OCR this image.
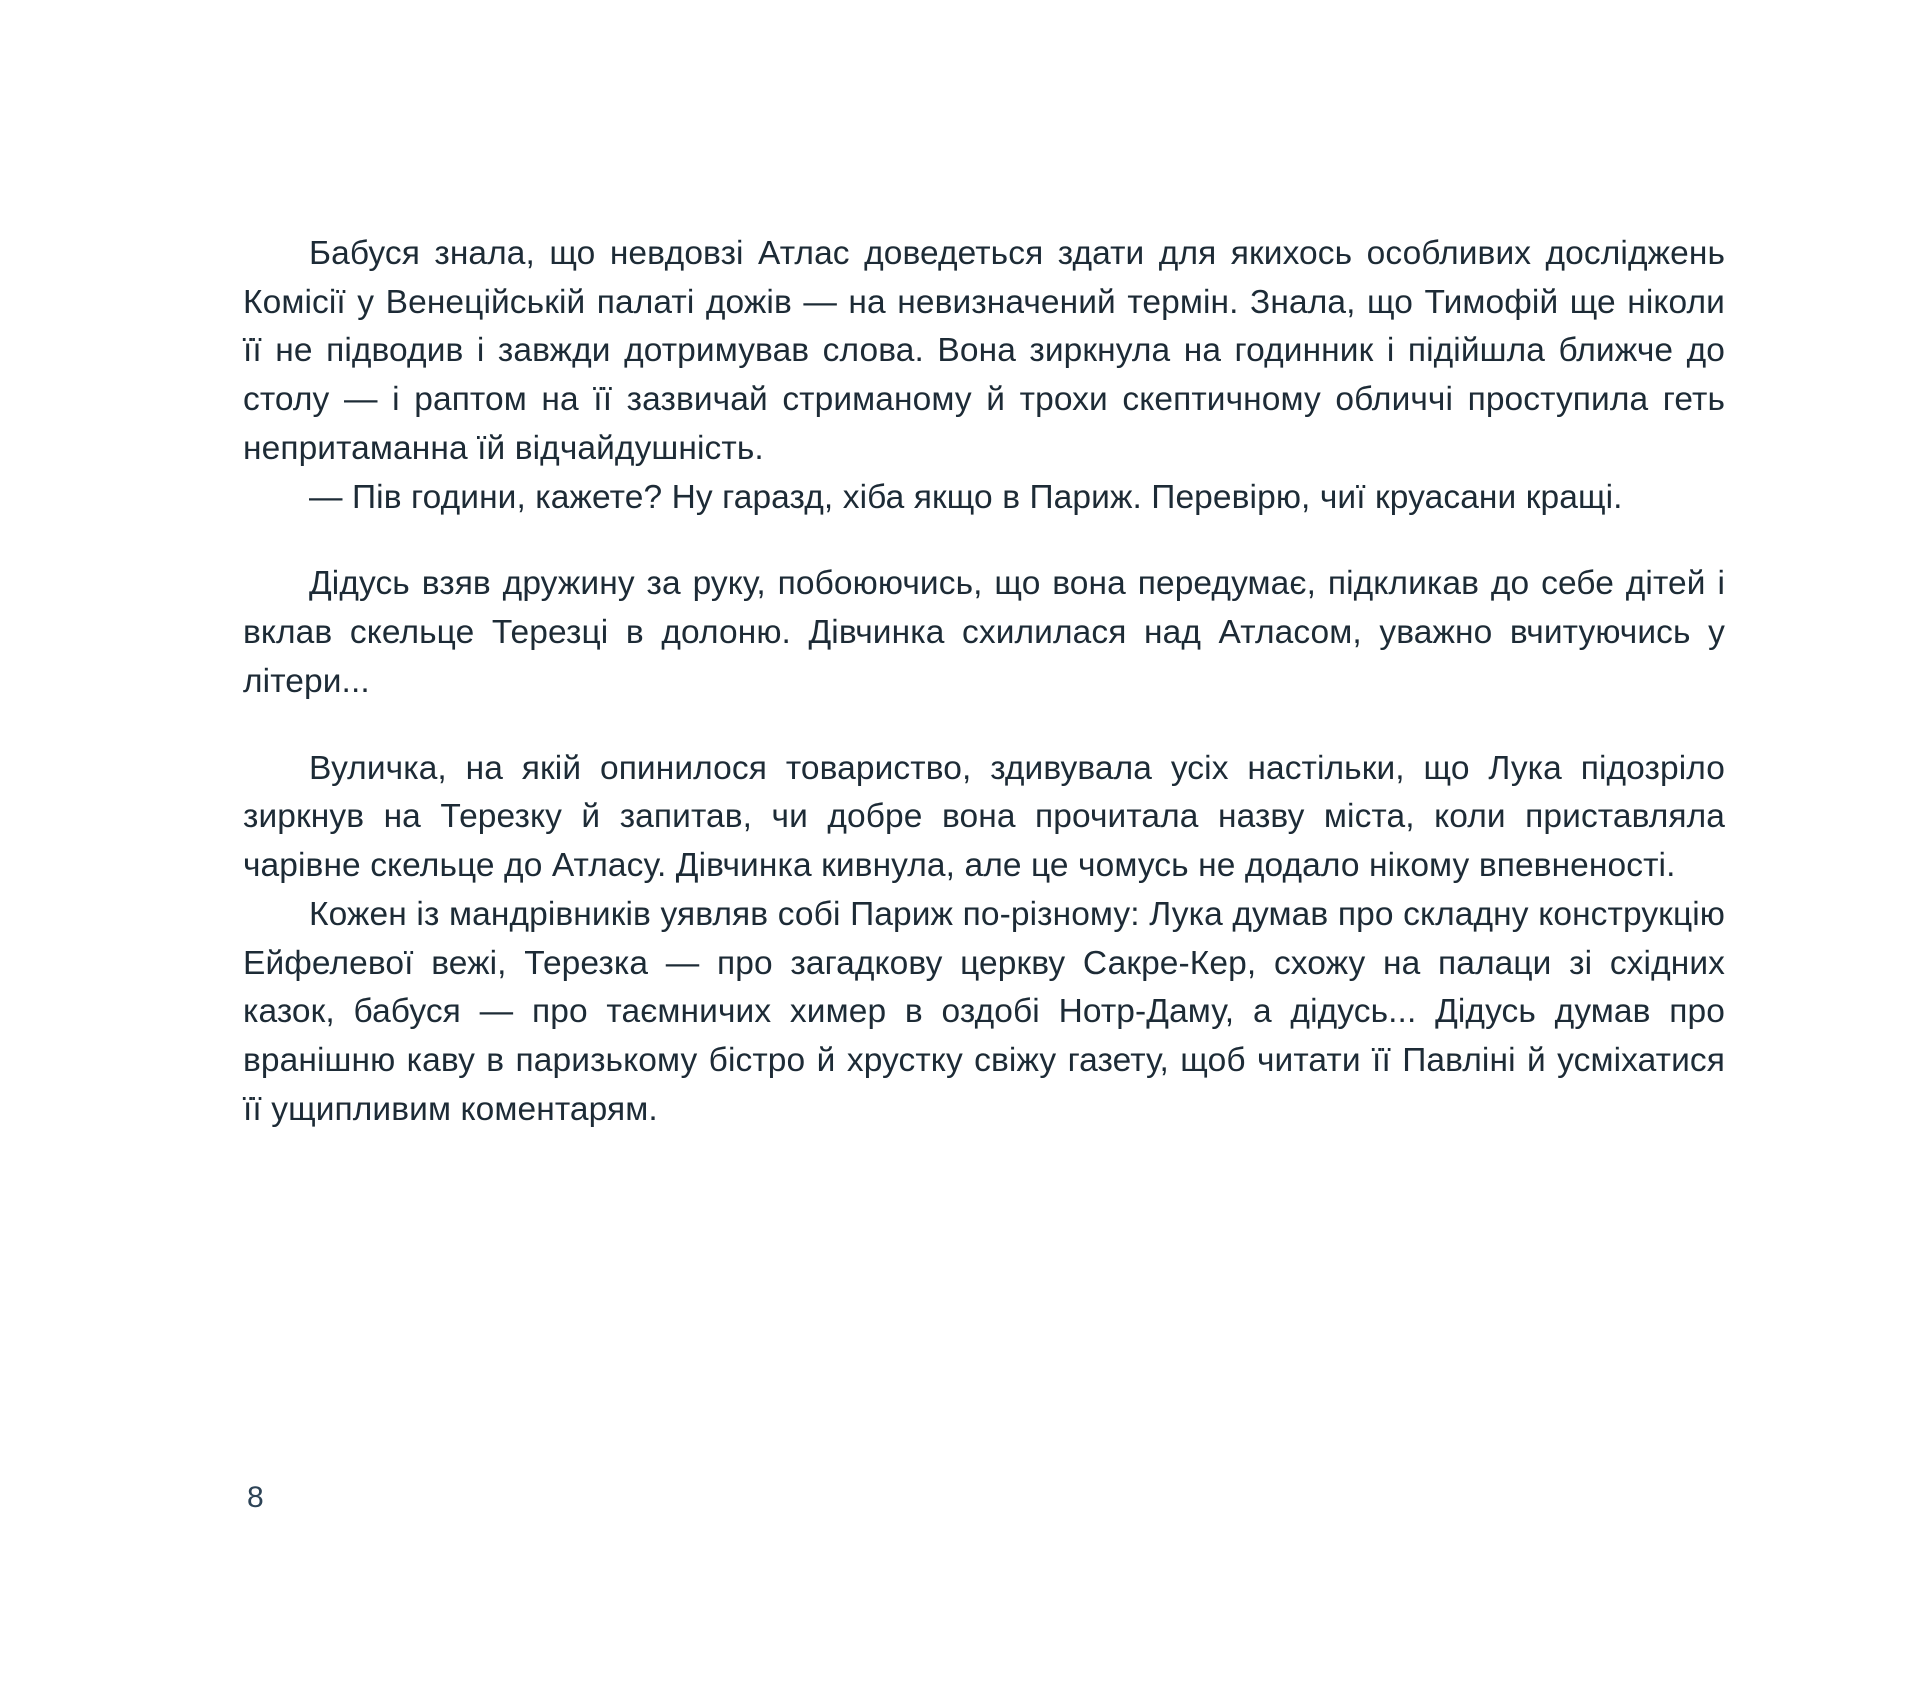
Бабуся знала, що невдовзі Атлас доведеться здати для якихось особливих досліджень Комісії у Венеційській палаті дожів — на невизначений термін. Знала, що Тимофій ще ніколи її не підводив і завжди дотримував слова. Вона зиркнула на годинник і підійшла ближче до столу — і раптом на її зазвичай стриманому й трохи скептичному обличчі проступила геть непритаманна їй відчайдушність.

— Пів години, кажете? Ну гаразд, хіба якщо в Париж. Перевірю, чиї круасани кращі.

Дідусь взяв дружину за руку, побоюючись, що вона передумає, підкликав до себе дітей і вклав скельце Терезці в долоню. Дівчинка схилилася над Атласом, уважно вчитуючись у літери...

Вуличка, на якій опинилося товариство, здивувала усіх настільки, що Лука підозріло зиркнув на Терезку й запитав, чи добре вона прочитала назву міста, коли приставляла чарівне скельце до Атласу. Дівчинка кивнула, але це чомусь не додало нікому впевненості.

Кожен із мандрівників уявляв собі Париж по-різному: Лука думав про складну конструкцію Ейфелевої вежі, Терезка — про загадкову церкву Сакре-Кер, схожу на палаци зі східних казок, бабуся — про таємничих химер в оздобі Нотр-Даму, а дідусь... Дідусь думав про вранішню каву в паризькому бістро й хрустку свіжу газету, щоб читати її Павліні й усміхатися її ущипливим коментарям.

8
